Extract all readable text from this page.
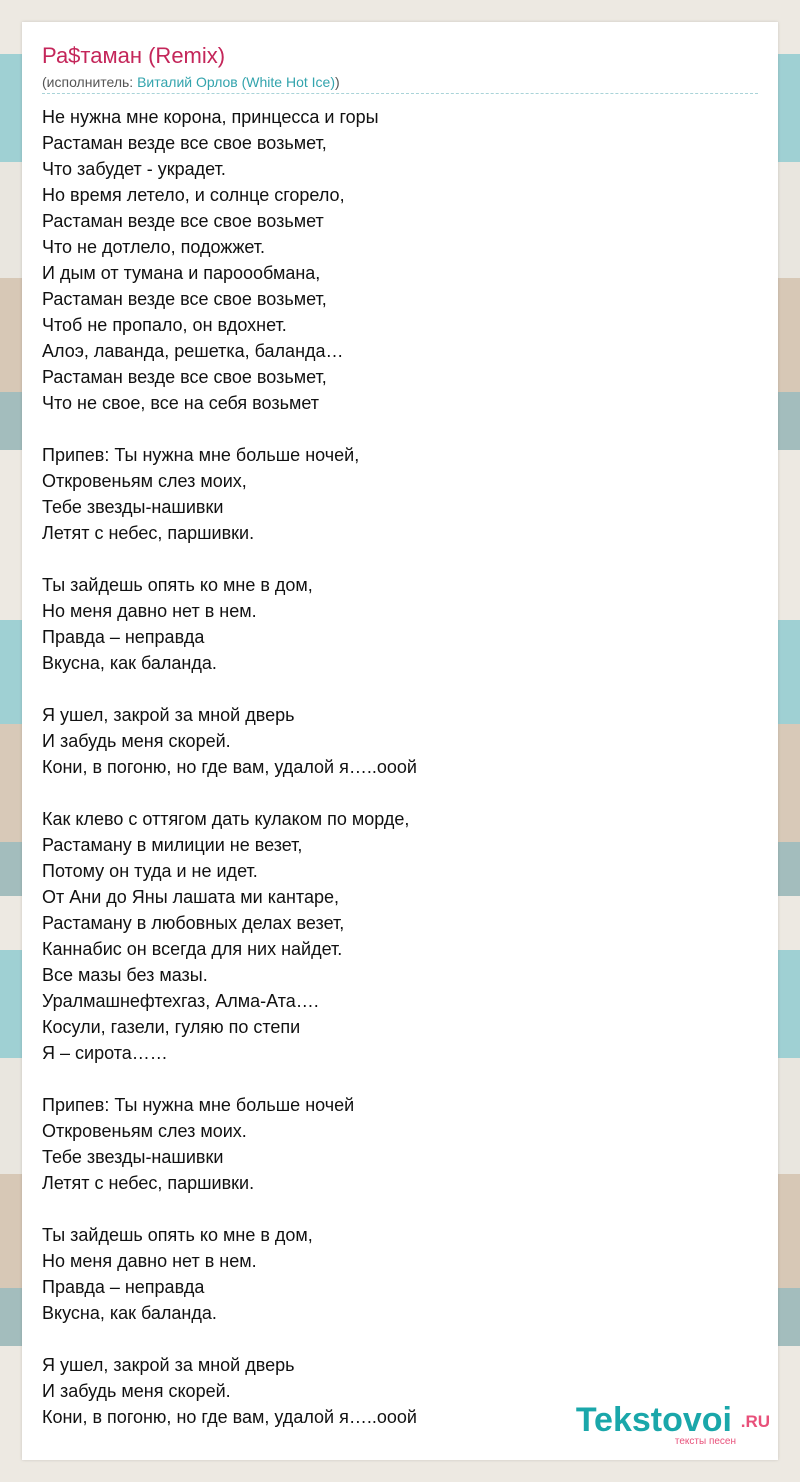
Ра$таман (Remix)
(исполнитель: Виталий Орлов (White Hot Ice))
Не нужна мне корона, принцесса и горы
Растаман везде все свое возьмет,
Что забудет - украдет.
Но время летело, и солнце сгорело,
Растаман везде все свое возьмет
Что не дотлело, подожжет.
И дым от тумана и пароообмана,
Растаман везде все свое возьмет,
Чтоб не пропало, он вдохнет.
Алоэ, лаванда, решетка, баланда…
Растаман везде все свое возьмет,
Что не свое, все на себя возьмет
Припев: Ты нужна мне больше ночей,
Откровеньям слез моих,
Тебе звезды-нашивки
Летят с небес, паршивки.
Ты зайдешь опять ко мне в дом,
Но меня давно нет в нем.
Правда – неправда
Вкусна, как баланда.
Я ушел, закрой за мной дверь
И забудь меня скорей.
Кони, в погоню, но где вам, удалой я…..ооой
Как клево с оттягом дать кулаком по морде,
Растаману в милиции не везет,
Потому он туда и не идет.
От Ани до Яны лашата ми кантаре,
Растаману в любовных делах везет,
Каннабис он всегда для них найдет.
Все мазы без мазы.
Уралмашнефтехгаз, Алма-Ата….
Косули, газели, гуляю по степи
Я – сирота……
Припев: Ты нужна мне больше ночей
Откровеньям слез моих.
Тебе звезды-нашивки
Летят с небес, паршивки.
Ты зайдешь опять ко мне в дом,
Но меня давно нет в нем.
Правда – неправда
Вкусна, как баланда.
Я ушел, закрой за мной дверь
И забудь меня скорей.
Кони, в погоню, но где вам, удалой я…..ооой	Tekstovoi .RU
тексты песен
